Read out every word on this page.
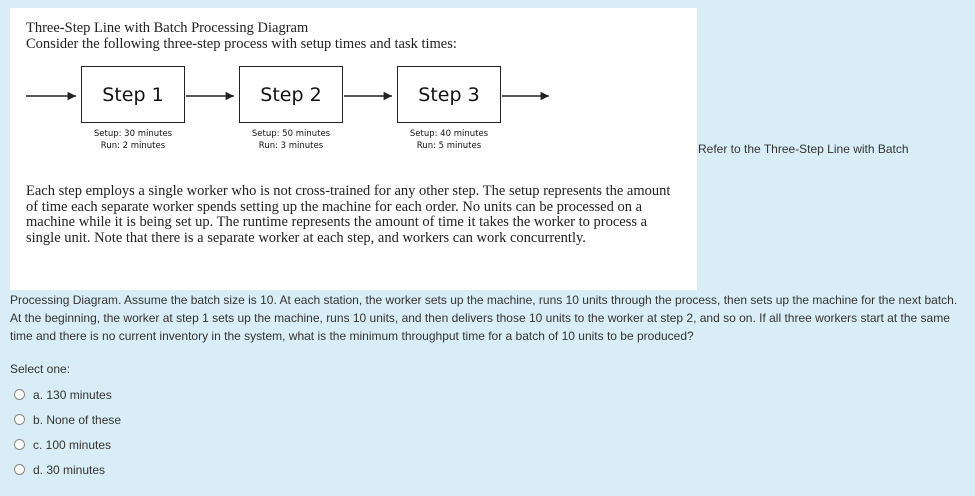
Three-Step Line with Batch Processing Diagram
Consider the following three-step process with setup times and task times:

Step 1	Step 2	Step 3
Setup: 30 minutes
Run: 2 minutes
Setup: 50 minutes
Run: 3 minutes
Setup: 40 minutes
Run: 5 minutes

Each step employs a single worker who is not cross-trained for any other step. The setup represents the amount of time each separate worker spends setting up the machine for each order. No units can be processed on a machine while it is being set up. The runtime represents the amount of time it takes the worker to process a single unit. Note that there is a separate worker at each step, and workers can work concurrently.

Refer to the Three-Step Line with Batch

Processing Diagram. Assume the batch size is 10. At each station, the worker sets up the machine, runs 10 units through the process, then sets up the machine for the next batch. At the beginning, the worker at step 1 sets up the machine, runs 10 units, and then delivers those 10 units to the worker at step 2, and so on. If all three workers start at the same time and there is no current inventory in the system, what is the minimum throughput time for a batch of 10 units to be produced?

Select one:
a. 130 minutes
b. None of these
c. 100 minutes
d. 30 minutes
